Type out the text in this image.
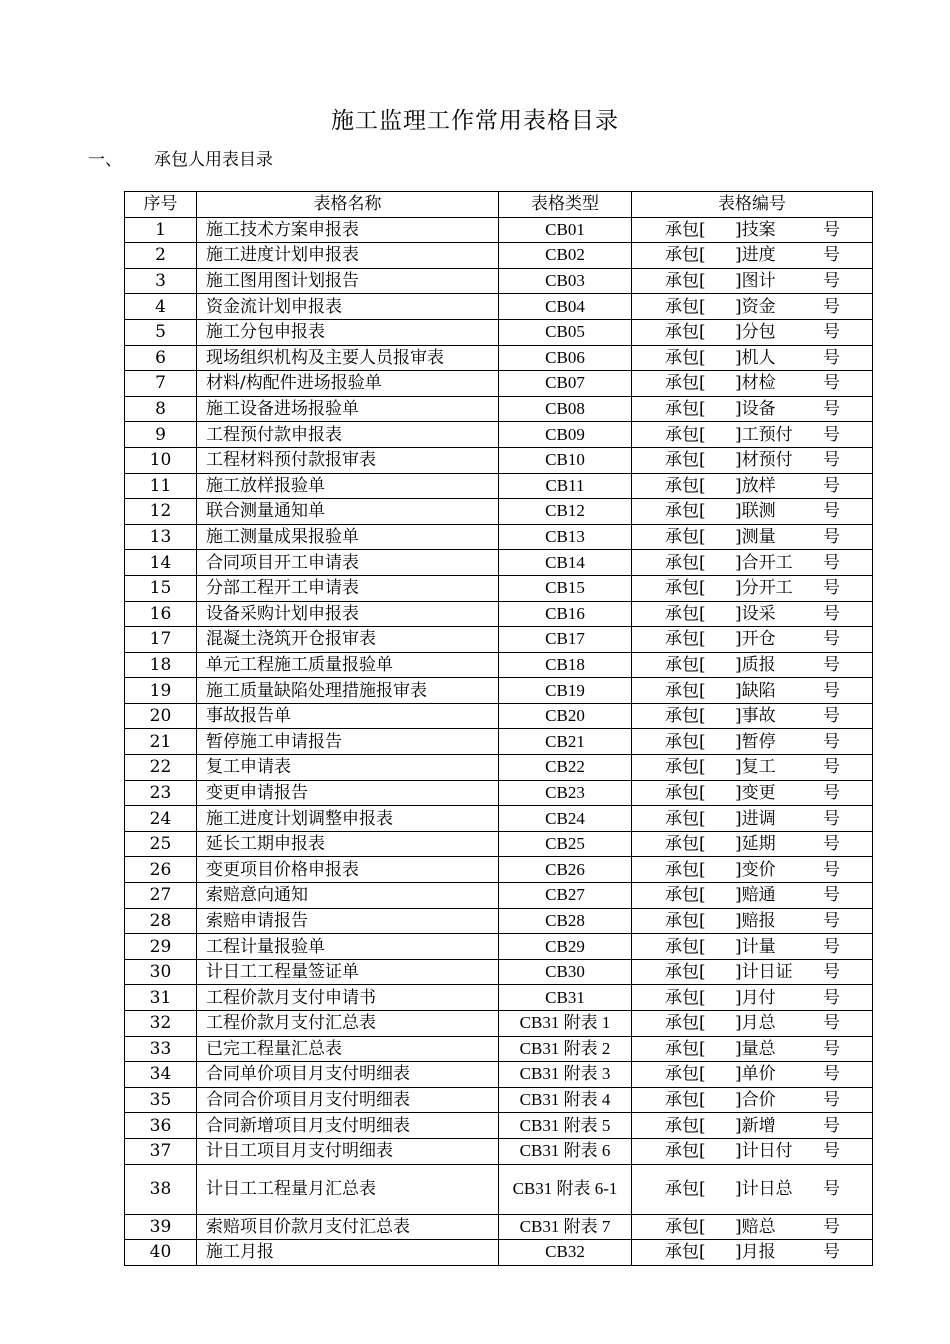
施工监理工作常用表格目录
一、 承包人用表目录
序号	表格名称	表格类型	表格编号
1	施工技术方案申报表	CB01	承包[ ]技案 号

2	施工进度计划申报表	CB02	承包[ ]进度 号

3	施工图用图计划报告	CB03	承包[ ]图计 号

4	资金流计划申报表	CB04	承包[ ]资金 号

5	施工分包申报表	CB05	承包[ ]分包 号

6	现场组织机构及主要人员报审表	CB06	承包[ ]机人 号

7	材料/构配件进场报验单	CB07	承包[ ]材检 号

8	施工设备进场报验单	CB08	承包[ ]设备 号

9	工程预付款申报表	CB09	承包[ ]工预付 号

10	工程材料预付款报审表	CB10	承包[ ]材预付 号

11	施工放样报验单	CB11	承包[ ]放样 号

12	联合测量通知单	CB12	承包[ ]联测 号

13	施工测量成果报验单	CB13	承包[ ]测量 号

14	合同项目开工申请表	CB14	承包[ ]合开工 号

15	分部工程开工申请表	CB15	承包[ ]分开工 号

16	设备采购计划申报表	CB16	承包[ ]设采 号

17	混凝土浇筑开仓报审表	CB17	承包[ ]开仓 号

18	单元工程施工质量报验单	CB18	承包[ ]质报 号

19	施工质量缺陷处理措施报审表	CB19	承包[ ]缺陷 号

20	事故报告单	CB20	承包[ ]事故 号

21	暂停施工申请报告	CB21	承包[ ]暂停 号

22	复工申请表	CB22	承包[ ]复工 号

23	变更申请报告	CB23	承包[ ]变更 号

24	施工进度计划调整申报表	CB24	承包[ ]进调 号

25	延长工期申报表	CB25	承包[ ]延期 号

26	变更项目价格申报表	CB26	承包[ ]变价 号

27	索赔意向通知	CB27	承包[ ]赔通 号

28	索赔申请报告	CB28	承包[ ]赔报 号

29	工程计量报验单	CB29	承包[ ]计量 号

30	计日工工程量签证单	CB30	承包[ ]计日证 号

31	工程价款月支付申请书	CB31	承包[ ]月付 号

32	工程价款月支付汇总表	CB31 附表 1	承包[ ]月总 号

33	已完工程量汇总表	CB31 附表 2	承包[ ]量总 号

34	合同单价项目月支付明细表	CB31 附表 3	承包[ ]单价 号

35	合同合价项目月支付明细表	CB31 附表 4	承包[ ]合价 号

36	合同新增项目月支付明细表	CB31 附表 5	承包[ ]新增 号

37	计日工项目月支付明细表	CB31 附表 6	承包[ ]计日付 号

38	计日工工程量月汇总表	CB31 附表 6-1	承包[ ]计日总 号

39	索赔项目价款月支付汇总表	CB31 附表 7	承包[ ]赔总 号

40	施工月报	CB32	承包[ ]月报 号
